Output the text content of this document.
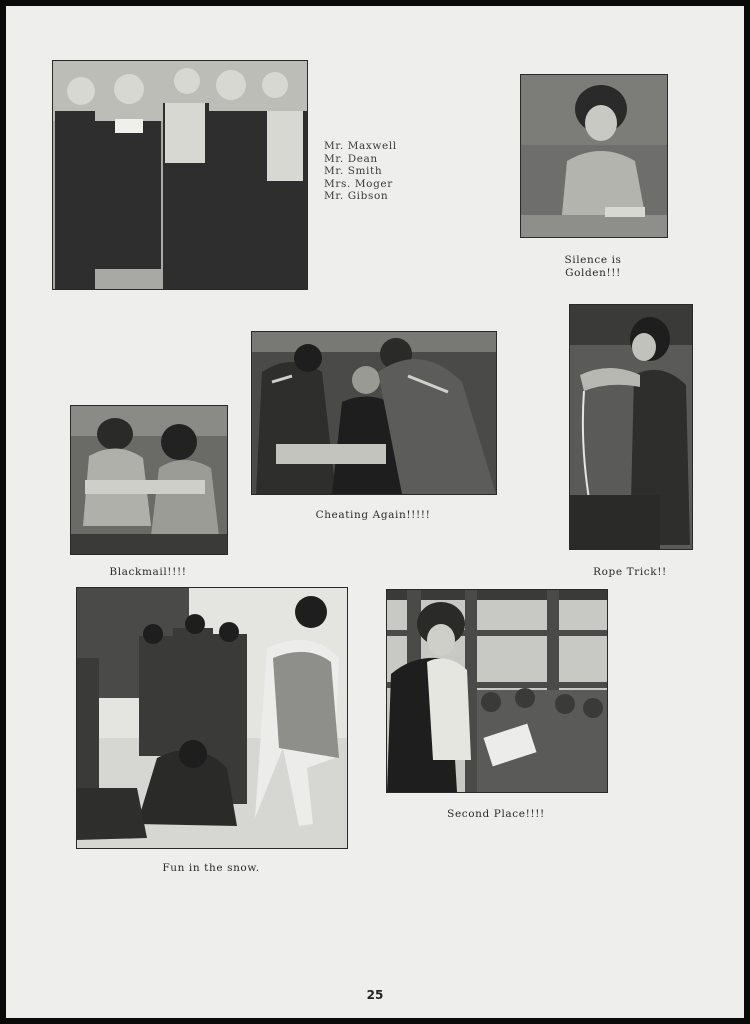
Mr. Maxwell
Mr. Dean
Mr. Smith
Mrs. Moger
Mr. Gibson
Silence is
Golden!!!
Cheating Again!!!!!
Blackmail!!!!	Rope Trick!!
Fun in the snow.
Second Place!!!!
25
